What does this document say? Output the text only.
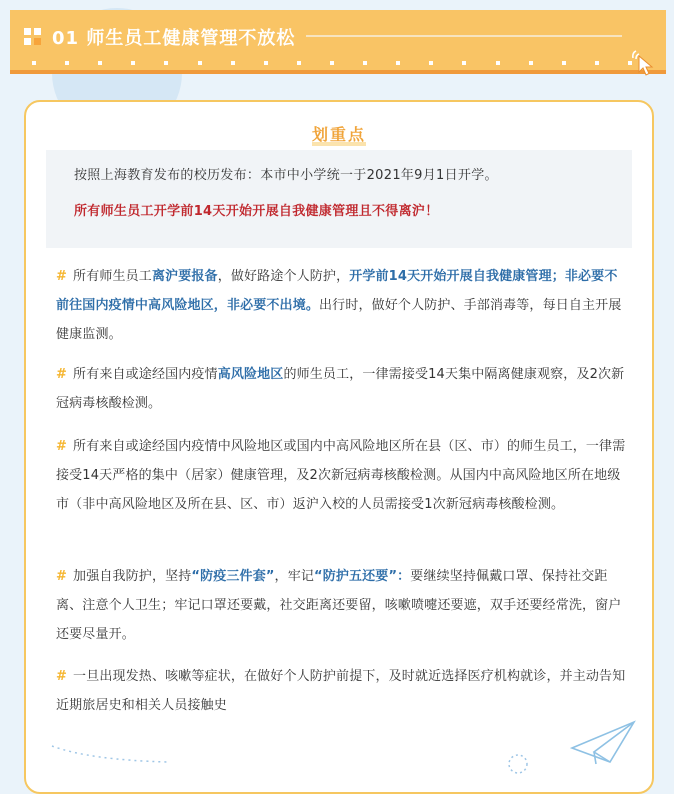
01 师生员工健康管理不放松
划重点
按照上海教育发布的校历发布：本市中小学统一于2021年9月1日开学。
所有师生员工开学前14天开始开展自我健康管理且不得离沪！
# 所有师生员工离沪要报备，做好路途个人防护，开学前14天开始开展自我健康管理；非必要不前往国内疫情中高风险地区，非必要不出境。出行时，做好个人防护、手部消毒等，每日自主开展健康监测。
# 所有来自或途经国内疫情高风险地区的师生员工，一律需接受14天集中隔离健康观察，及2次新冠病毒核酸检测。
# 所有来自或途经国内疫情中风险地区或国内中高风险地区所在县（区、市）的师生员工，一律需接受14天严格的集中（居家）健康管理，及2次新冠病毒核酸检测。从国内中高风险地区所在地级市（非中高风险地区及所在县、区、市）返沪入校的人员需接受1次新冠病毒核酸检测。
# 加强自我防护，坚持“防疫三件套”，牢记“防护五还要”：要继续坚持佩戴口罩、保持社交距离、注意个人卫生；牢记口罩还要戴，社交距离还要留，咳嗽喷嚏还要遮，双手还要经常洗，窗户还要尽量开。
# 一旦出现发热、咳嗽等症状，在做好个人防护前提下，及时就近选择医疗机构就诊，并主动告知近期旅居史和相关人员接触史
